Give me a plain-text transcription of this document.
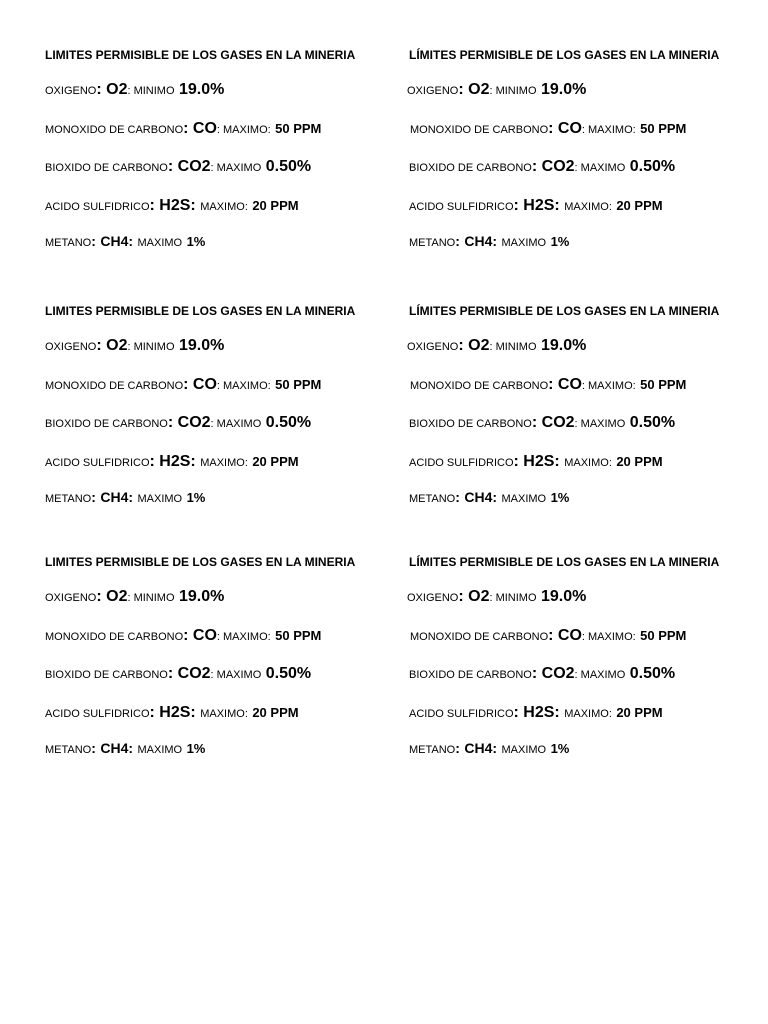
LIMITES PERMISIBLE DE LOS GASES EN LA MINERIA
OXIGENO: O2: MINIMO 19.0%
MONOXIDO DE CARBONO: CO: MAXIMO: 50 PPM
BIOXIDO DE CARBONO: CO2: MAXIMO 0.50%
ACIDO SULFIDRICO: H2S: MAXIMO: 20 PPM
METANO: CH4: MAXIMO 1%
LÍMITES PERMISIBLE DE LOS GASES EN LA MINERIA
OXIGENO: O2: MINIMO 19.0%
MONOXIDO DE CARBONO: CO: MAXIMO: 50 PPM
BIOXIDO DE CARBONO: CO2: MAXIMO 0.50%
ACIDO SULFIDRICO: H2S: MAXIMO: 20 PPM
METANO: CH4: MAXIMO 1%
LIMITES PERMISIBLE DE LOS GASES EN LA MINERIA
OXIGENO: O2: MINIMO 19.0%
MONOXIDO DE CARBONO: CO: MAXIMO: 50 PPM
BIOXIDO DE CARBONO: CO2: MAXIMO 0.50%
ACIDO SULFIDRICO: H2S: MAXIMO: 20 PPM
METANO: CH4: MAXIMO 1%
LÍMITES PERMISIBLE DE LOS GASES EN LA MINERIA
OXIGENO: O2: MINIMO 19.0%
MONOXIDO DE CARBONO: CO: MAXIMO: 50 PPM
BIOXIDO DE CARBONO: CO2: MAXIMO 0.50%
ACIDO SULFIDRICO: H2S: MAXIMO: 20 PPM
METANO: CH4: MAXIMO 1%
LIMITES PERMISIBLE DE LOS GASES EN LA MINERIA
OXIGENO: O2: MINIMO 19.0%
MONOXIDO DE CARBONO: CO: MAXIMO: 50 PPM
BIOXIDO DE CARBONO: CO2: MAXIMO 0.50%
ACIDO SULFIDRICO: H2S: MAXIMO: 20 PPM
METANO: CH4: MAXIMO 1%
LÍMITES PERMISIBLE DE LOS GASES EN LA MINERIA
OXIGENO: O2: MINIMO 19.0%
MONOXIDO DE CARBONO: CO: MAXIMO: 50 PPM
BIOXIDO DE CARBONO: CO2: MAXIMO 0.50%
ACIDO SULFIDRICO: H2S: MAXIMO: 20 PPM
METANO: CH4: MAXIMO 1%
